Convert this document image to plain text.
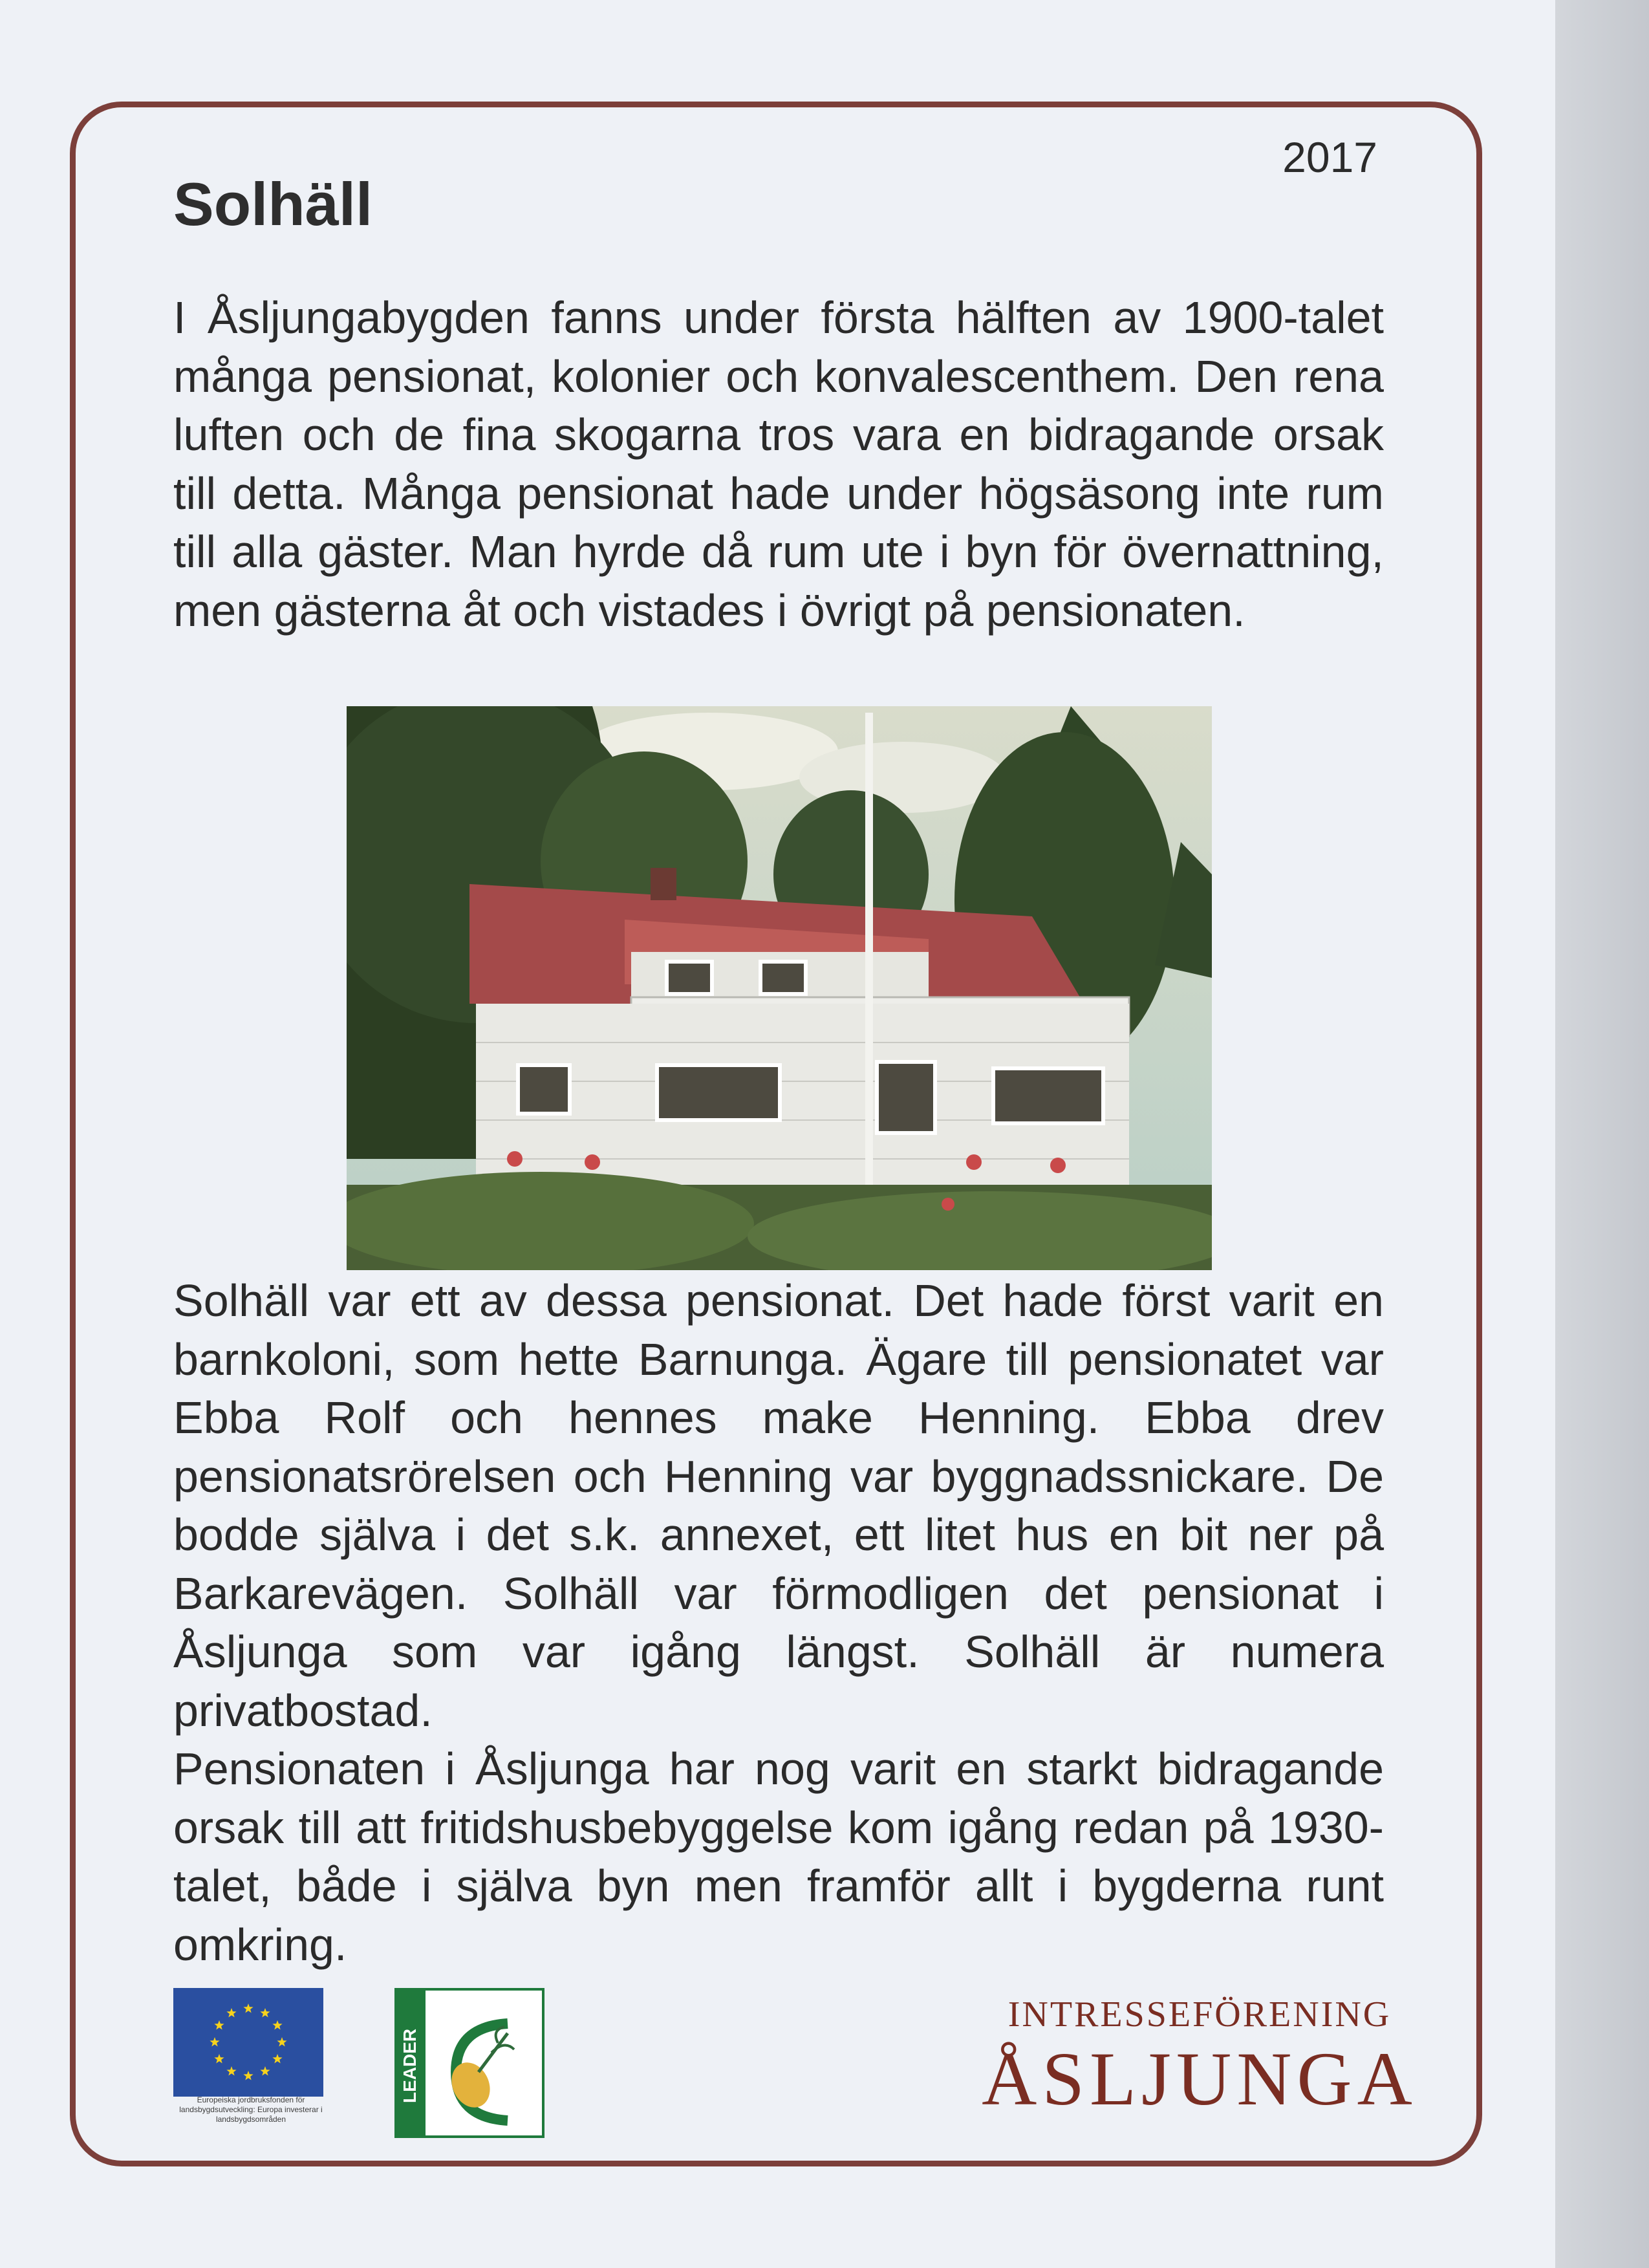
2017
Solhäll

I Åsljungabygden fanns under första hälften av 1900-talet många pensionat, kolonier och konvalescenthem. Den rena luften och de fina skogarna tros vara en bidragande orsak till detta. Många pensionat hade under högsäsong inte rum till alla gäster. Man hyrde då rum ute i byn för övernattning, men gästerna åt och vistades i övrigt på pensionaten.

Solhäll var ett av dessa pensionat. Det hade först varit en barnkoloni, som hette Barnunga. Ägare till pensionatet var Ebba Rolf och hennes make Henning. Ebba drev pensionatsrörelsen och Henning var byggnadssnickare. De bodde själva i det s.k. annexet, ett litet hus en bit ner på Barkarevägen. Solhäll var förmodligen det pensionat i Åsljunga som var igång längst. Solhäll är numera privatbostad.

Pensionaten i Åsljunga har nog varit en starkt bidragande orsak till att fritidshusbebyggelse kom igång redan på 1930-talet, både i själva byn men framför allt i bygderna runt omkring.

Europeiska jordbruksfonden för landsbygdsutveckling: Europa investerar i landsbygdsområden
LEADER
INTRESSEFÖRENING
ÅSLJUNGA
